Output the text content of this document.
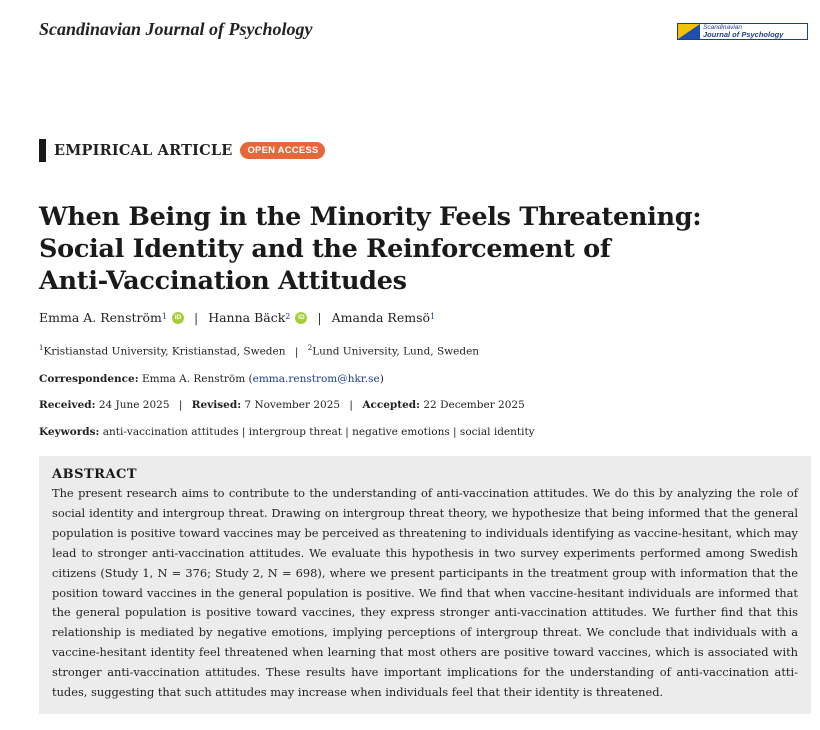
Scandinavian Journal of Psychology	Scandinavian
Journal of Psychology
EMPIRICAL ARTICLE	OPEN ACCESS
When Being in the Minority Feels Threatening:
Social Identity and the Reinforcement of
Anti-Vaccination Attitudes
Emma A. Renström$^1$	iD | Hanna Bäck$^2$	iD | Amanda Remsö$^1$
$^1$Kristianstad University, Kristianstad, Sweden | $^2$Lund University, Lund, Sweden
Correspondence: Emma A. Renström (emma.renstrom@hkr.se)
Received: 24 June 2025 | Revised: 7 November 2025 | Accepted: 22 December 2025
Keywords: anti-vaccination attitudes | intergroup threat | negative emotions | social identity
ABSTRACT

The present research aims to contribute to the understanding of anti-vaccination attitudes. We do this by analyzing the role of
social identity and intergroup threat. Drawing on intergroup threat theory, we hypothesize that being informed that the general
population is positive toward vaccines may be perceived as threatening to individuals identifying as vaccine-hesitant, which may
lead to stronger anti-vaccination attitudes. We evaluate this hypothesis in two survey experiments performed among Swedish
citizens (Study 1, N = 376; Study 2, N = 698), where we present participants in the treatment group with information that the
position toward vaccines in the general population is positive. We find that when vaccine-hesitant individuals are informed that
the general population is positive toward vaccines, they express stronger anti-vaccination attitudes. We further find that this
relationship is mediated by negative emotions, implying perceptions of intergroup threat. We conclude that individuals with a
vaccine-hesitant identity feel threatened when learning that most others are positive toward vaccines, which is associated with
stronger anti-vaccination attitudes. These results have important implications for the understanding of anti-vaccination atti-
tudes, suggesting that such attitudes may increase when individuals feel that their identity is threatened.
